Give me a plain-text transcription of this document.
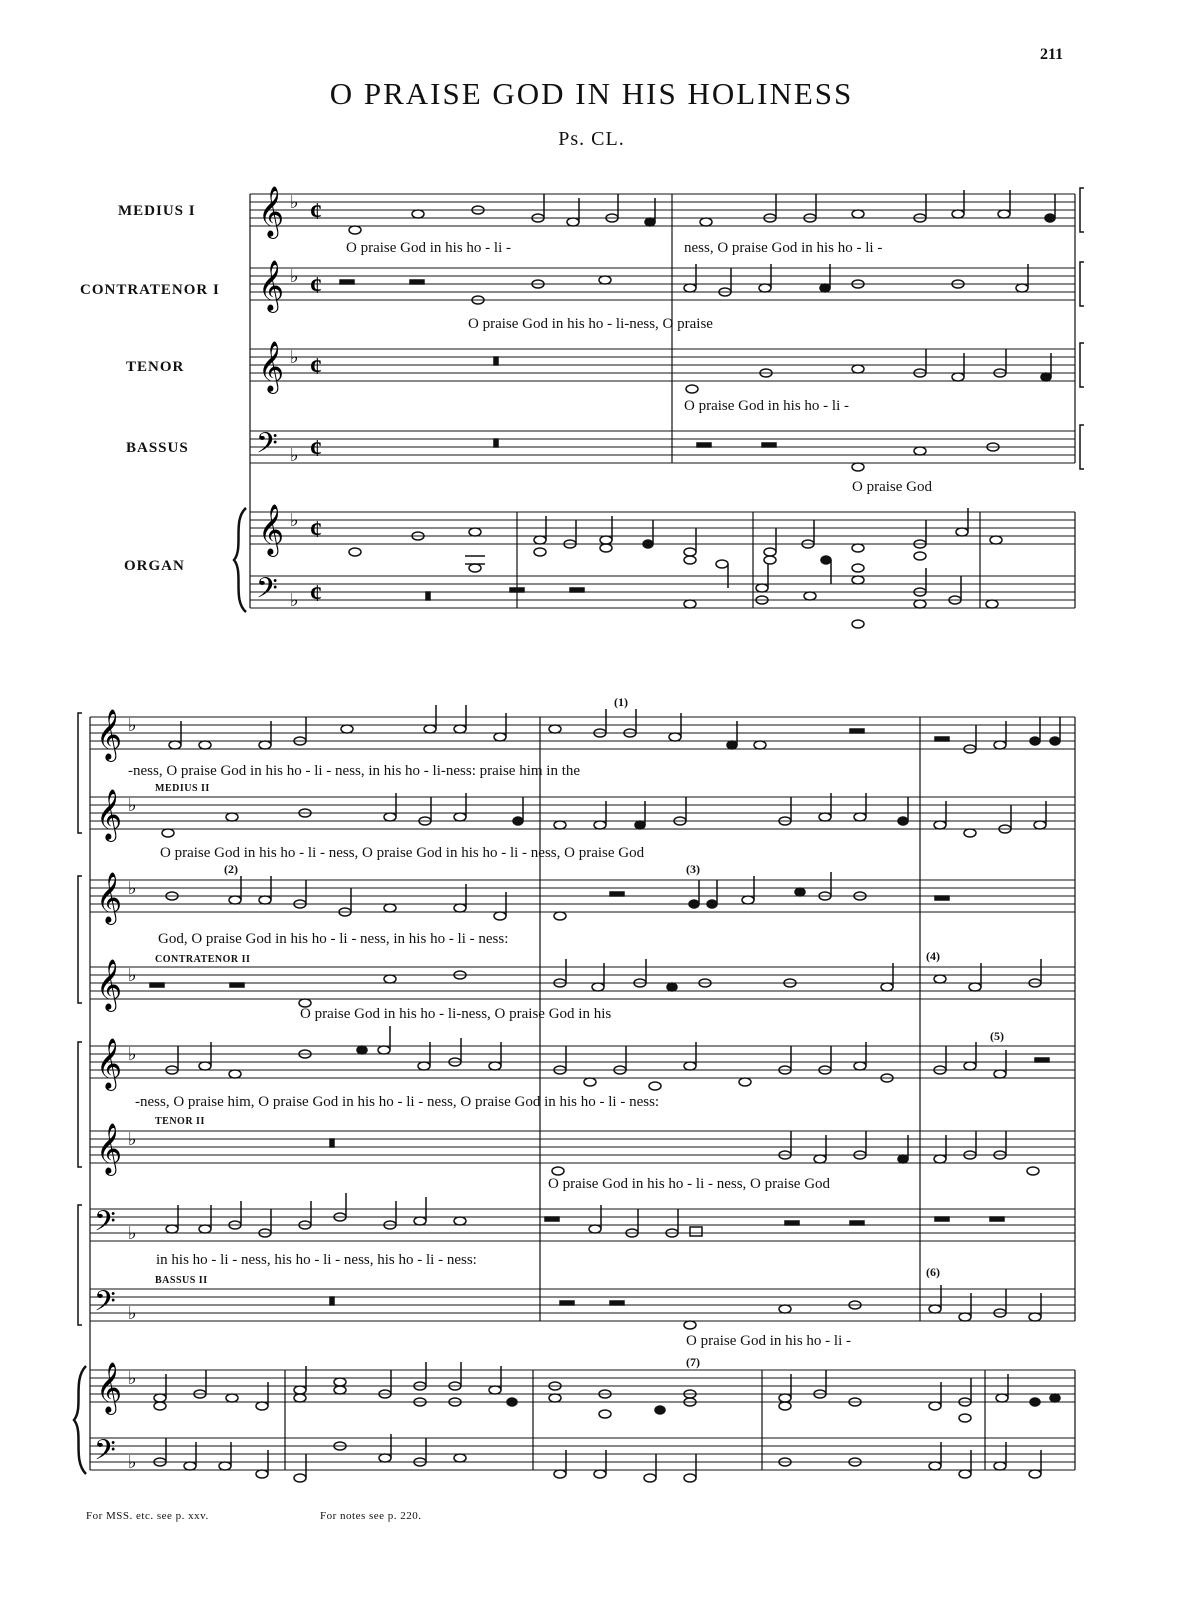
211
O PRAISE GOD IN HIS HOLINESS
Ps. CL.
MEDIUS I
CONTRATENOR I
TENOR
BASSUS
ORGAN
𝄞
𝄞
𝄞
𝄢
𝄞
𝄢
♭
♭
♭
♭
♭
♭
¢
¢
¢
¢
¢
¢
O praise God in his ho - li -	ness, O praise God in his ho - li -
O praise God in his ho - li-ness, O praise
O praise God in his ho - li -
O praise God
𝄞
𝄞
𝄞
𝄞
𝄞
𝄞
𝄞
𝄢
𝄢
𝄢
♭
♭
♭
♭
♭
♭
♭
♭
♭
♭
MEDIUS II
CONTRATENOR II
TENOR II
BASSUS II
(1)
(2)	(3)
(4)
(5)
(6)
(7)
-ness, O praise God in his ho - li - ness, in his ho - li-ness: praise him in the
O praise God in his ho - li - ness, O praise God in his ho - li - ness, O praise God
God, O praise God in his ho - li - ness, in his ho - li - ness:
O praise God in his ho - li-ness, O praise God in his
-ness, O praise him, O praise God in his ho - li - ness, O praise God in his ho - li - ness:
O praise God in his ho - li - ness, O praise God
in his ho - li - ness, his ho - li - ness, his ho - li - ness:
O praise God in his ho - li -
For MSS. etc. see p. xxv.	For notes see p. 220.
